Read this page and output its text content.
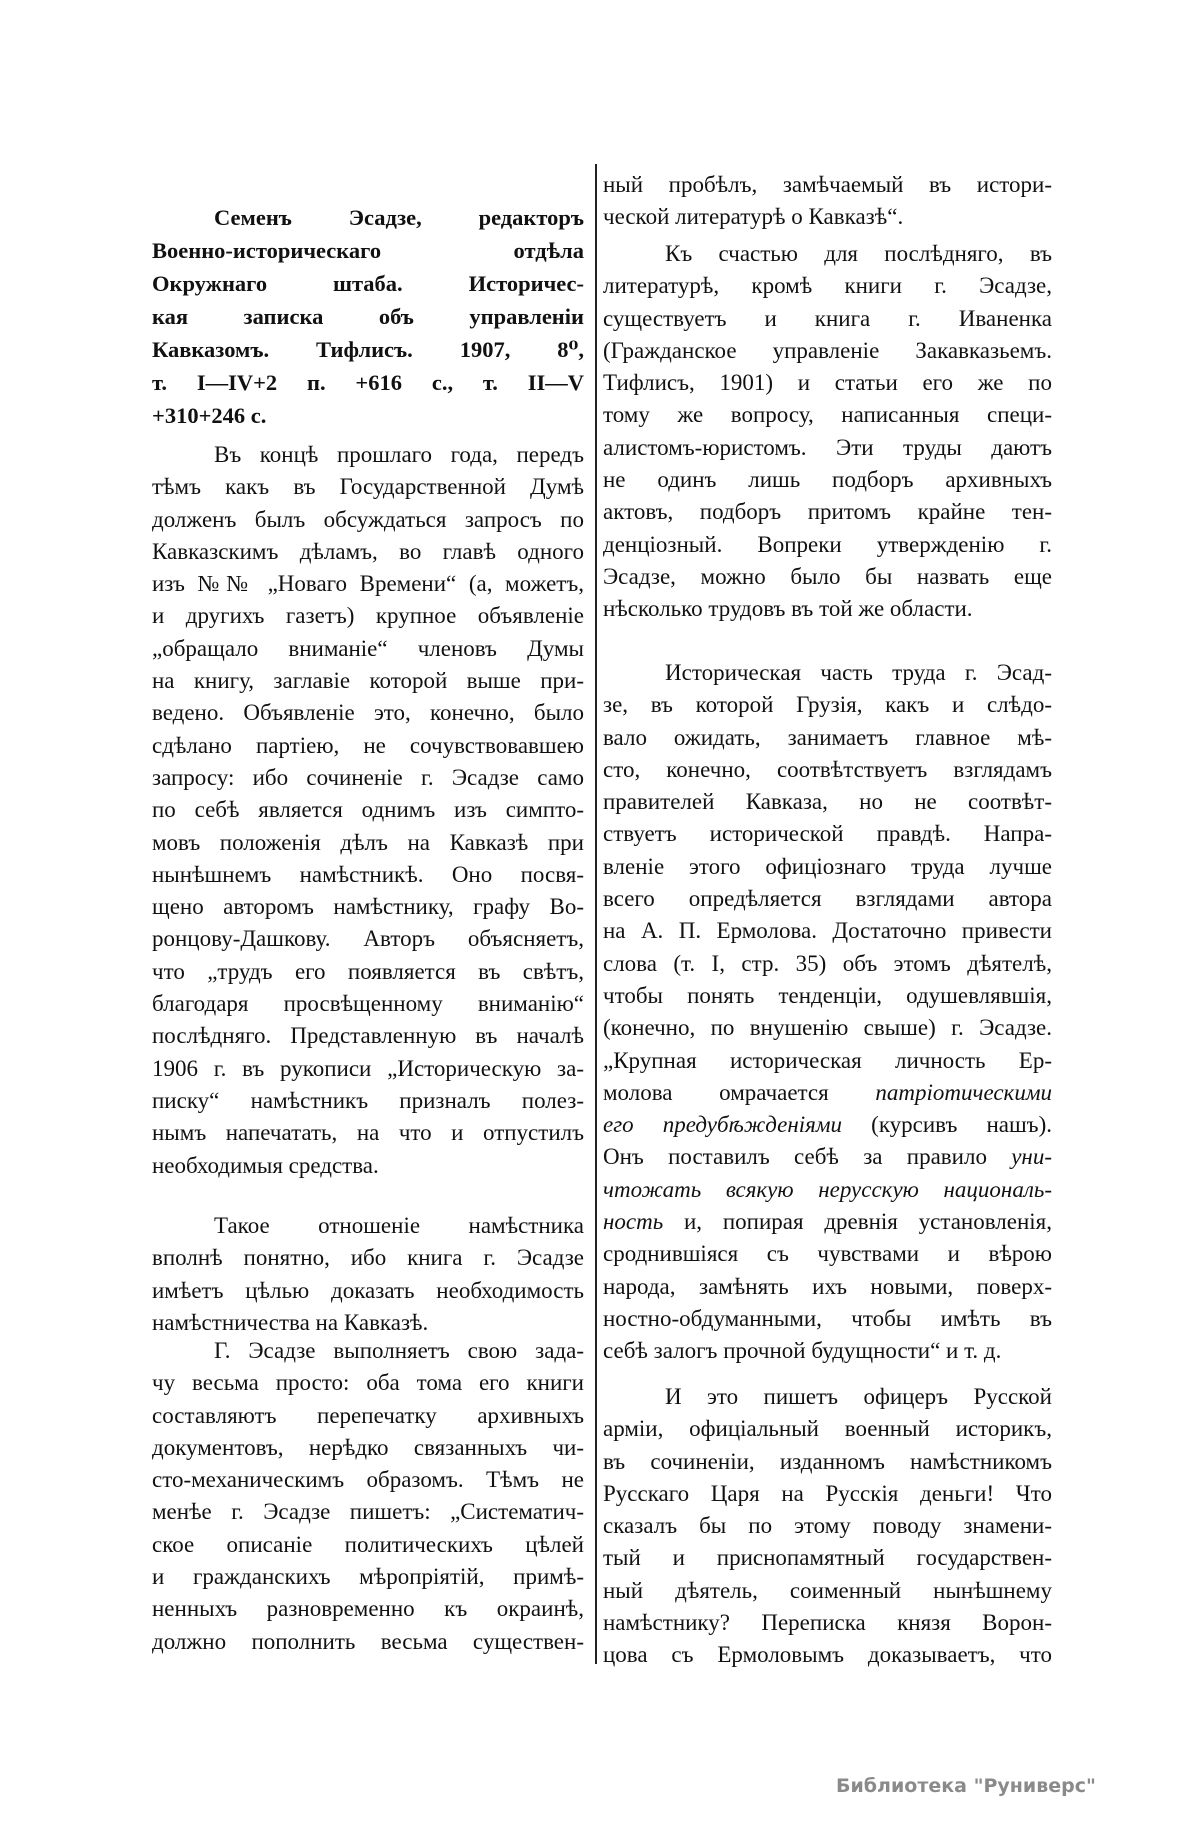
Семенъ Эсадзе, редакторъ
Военно-историческаго отдѣла
Окружнаго штаба. Историчес-
кая записка объ управленіи
Кавказомъ. Тифлисъ. 1907, 8⁰,
т. I—IV+2 п. +616 с., т. II—V
+310+246 с.
Въ концѣ прошлаго года, передъ
тѣмъ какъ въ Государственной Думѣ
долженъ былъ обсуждаться запросъ по
Кавказскимъ дѣламъ, во главѣ одного
изъ №№ „Новаго Времени“ (а, можетъ,
и другихъ газетъ) крупное объявленіе
„обращало вниманіе“ членовъ Думы
на книгу, заглавіе которой выше при-
ведено. Объявленіе это, конечно, было
сдѣлано партіею, не сочувствовавшею
запросу: ибо сочиненіе г. Эсадзе само
по себѣ является однимъ изъ симпто-
мовъ положенія дѣлъ на Кавказѣ при
нынѣшнемъ намѣстникѣ. Оно посвя-
щено авторомъ намѣстнику, графу Во-
ронцову-Дашкову. Авторъ объясняетъ,
что „трудъ его появляется въ свѣтъ,
благодаря просвѣщенному вниманію“
послѣдняго. Представленную въ началѣ
1906 г. въ рукописи „Историческую за-
писку“ намѣстникъ призналъ полез-
нымъ напечатать, на что и отпустилъ
необходимыя средства.
Такое отношеніе намѣстника
вполнѣ понятно, ибо книга г. Эсадзе
имѣетъ цѣлью доказать необходимость
намѣстничества на Кавказѣ.
Г. Эсадзе выполняетъ свою зада-
чу весьма просто: оба тома его книги
составляютъ перепечатку архивныхъ
документовъ, нерѣдко связанныхъ чи-
сто-механическимъ образомъ. Тѣмъ не
менѣе г. Эсадзе пишетъ: „Систематич-
ское описаніе политическихъ цѣлей
и гражданскихъ мѣропріятій, примѣ-
ненныхъ разновременно къ окраинѣ,
должно пополнить весьма существен-
ный пробѣлъ, замѣчаемый въ истори-
ческой литературѣ о Кавказѣ“.
Къ счастью для послѣдняго, въ
литературѣ, кромѣ книги г. Эсадзе,
существуетъ и книга г. Иваненка
(Гражданское управленіе Закавказьемъ.
Тифлисъ, 1901) и статьи его же по
тому же вопросу, написанныя специ-
алистомъ-юристомъ. Эти труды даютъ
не одинъ лишь подборъ архивныхъ
актовъ, подборъ притомъ крайне тен-
денціозный. Вопреки утвержденію г.
Эсадзе, можно было бы назвать еще
нѣсколько трудовъ въ той же области.
Историческая часть труда г. Эсад-
зе, въ которой Грузія, какъ и слѣдо-
вало ожидать, занимаетъ главное мѣ-
сто, конечно, соотвѣтствуетъ взглядамъ
правителей Кавказа, но не соотвѣт-
ствуетъ исторической правдѣ. Напра-
вленіе этого офиціознаго труда лучше
всего опредѣляется взглядами автора
на А. П. Ермолова. Достаточно привести
слова (т. I, стр. 35) объ этомъ дѣятелѣ,
чтобы понять тенденціи, одушевлявшія,
(конечно, по внушенію свыше) г. Эсадзе.
„Крупная историческая личность Ер-
молова омрачается патріотическими
его предубѣжденіями (курсивъ нашъ).
Онъ поставилъ себѣ за правило уни-
чтожать всякую нерусскую националь-
ность и, попирая древнія установленія,
сроднившіяся съ чувствами и вѣрою
народа, замѣнять ихъ новыми, поверх-
ностно-обдуманными, чтобы имѣть въ
себѣ залогъ прочной будущности“ и т. д.
И это пишетъ офицеръ Русской
арміи, офиціальный военный историкъ,
въ сочиненіи, изданномъ намѣстникомъ
Русскаго Царя на Русскія деньги! Что
сказалъ бы по этому поводу знамени-
тый и приснопамятный государствен-
ный дѣятель, соименный нынѣшнему
намѣстнику? Переписка князя Ворон-
цова съ Ермоловымъ доказываетъ, что
Библиотека "Руниверс"
